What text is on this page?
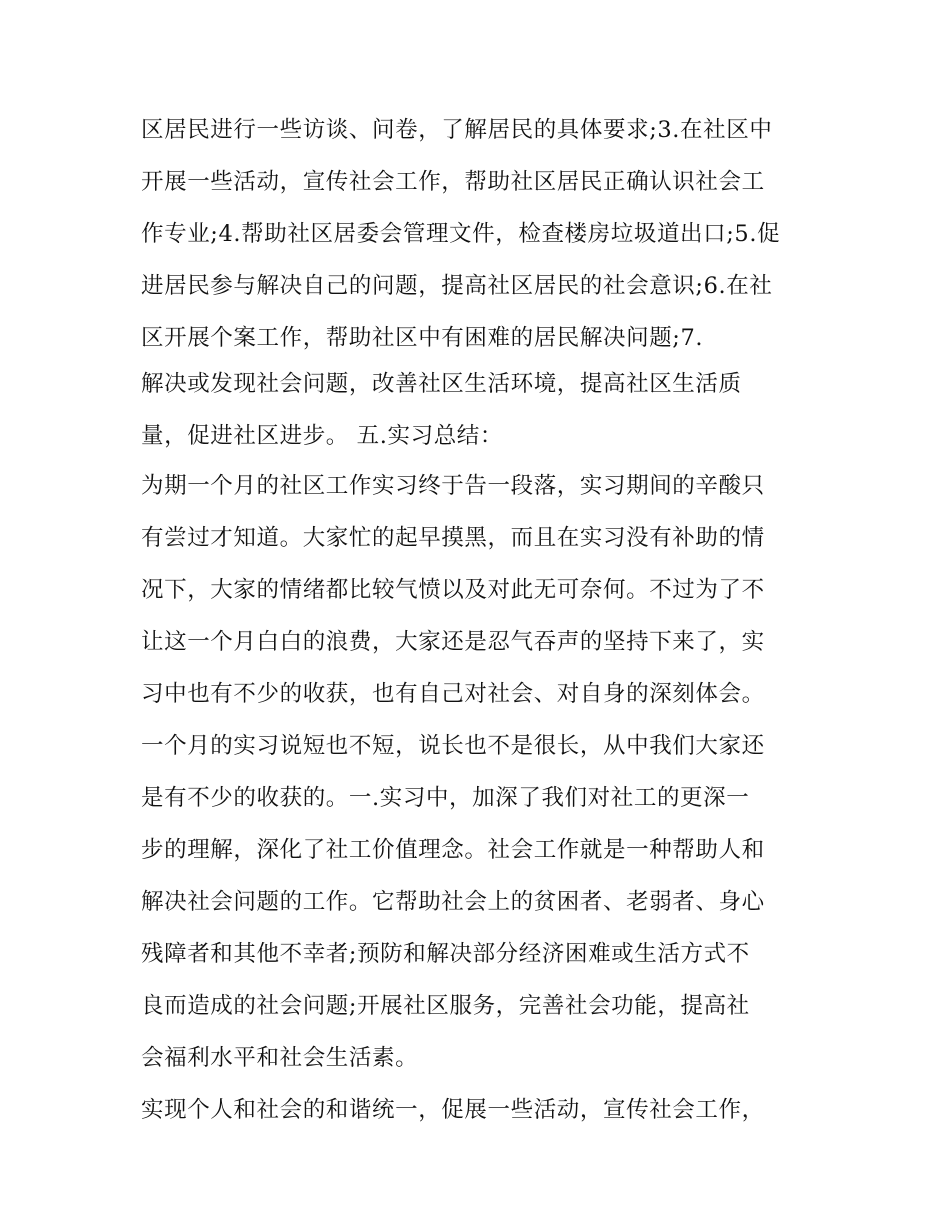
区居民进行一些访谈、问卷，了解居民的具体要求;3.在社区中
开展一些活动，宣传社会工作，帮助社区居民正确认识社会工
作专业;4.帮助社区居委会管理文件，检查楼房垃圾道出口;5.促
进居民参与解决自己的问题，提高社区居民的社会意识;6.在社
区开展个案工作，帮助社区中有困难的居民解决问题;7.
解决或发现社会问题，改善社区生活环境，提高社区生活质
量，促进社区进步。 五.实习总结：
为期一个月的社区工作实习终于告一段落，实习期间的辛酸只
有尝过才知道。大家忙的起早摸黑，而且在实习没有补助的情
况下，大家的情绪都比较气愤以及对此无可奈何。不过为了不
让这一个月白白的浪费，大家还是忍气吞声的坚持下来了，实
习中也有不少的收获，也有自己对社会、对自身的深刻体会。
一个月的实习说短也不短，说长也不是很长，从中我们大家还
是有不少的收获的。一.实习中，加深了我们对社工的更深一
步的理解，深化了社工价值理念。社会工作就是一种帮助人和
解决社会问题的工作。它帮助社会上的贫困者、老弱者、身心
残障者和其他不幸者;预防和解决部分经济困难或生活方式不
良而造成的社会问题;开展社区服务，完善社会功能，提高社
会福利水平和社会生活素。
实现个人和社会的和谐统一，促展一些活动，宣传社会工作，
